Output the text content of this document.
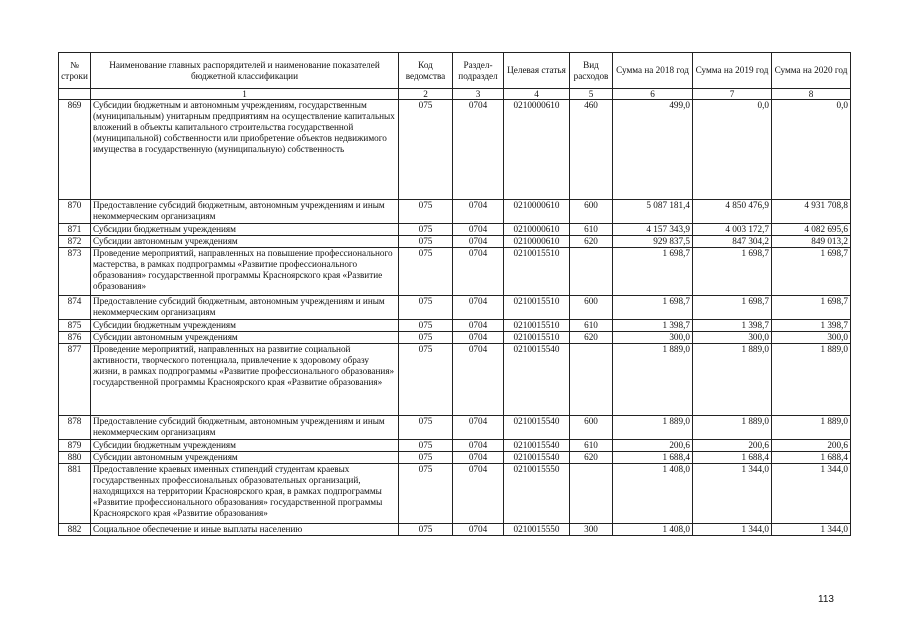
№ строки	Наименование главных распорядителей и наименование показателей бюджетной классификации	Код ведомства	Раздел-подраздел	Целевая статья	Вид расходов	Сумма на 2018 год	Сумма на 2019 год	Сумма на 2020 год
	1	2	3	4	5	6	7	8
869	Субсидии бюджетным и автономным учреждениям, государственным (муниципальным) унитарным предприятиям на осуществление капитальных вложений в объекты капитального строительства государственной (муниципальной) собственности или приобретение объектов недвижимого имущества в государственную (муниципальную) собственность	075	0704	0210000610	460	499,0	0,0	0,0
870	Предоставление субсидий бюджетным, автономным учреждениям и иным некоммерческим организациям	075	0704	0210000610	600	5 087 181,4	4 850 476,9	4 931 708,8
871	Субсидии бюджетным учреждениям	075	0704	0210000610	610	4 157 343,9	4 003 172,7	4 082 695,6
872	Субсидии автономным учреждениям	075	0704	0210000610	620	929 837,5	847 304,2	849 013,2
873	Проведение мероприятий, направленных на повышение профессионального мастерства, в рамках подпрограммы «Развитие профессионального образования» государственной программы Красноярского края «Развитие образования»	075	0704	0210015510		1 698,7	1 698,7	1 698,7
874	Предоставление субсидий бюджетным, автономным учреждениям и иным некоммерческим организациям	075	0704	0210015510	600	1 698,7	1 698,7	1 698,7
875	Субсидии бюджетным учреждениям	075	0704	0210015510	610	1 398,7	1 398,7	1 398,7
876	Субсидии автономным учреждениям	075	0704	0210015510	620	300,0	300,0	300,0
877	Проведение мероприятий, направленных на развитие социальной активности, творческого потенциала, привлечение к здоровому образу жизни, в рамках подпрограммы «Развитие профессионального образования» государственной программы Красноярского края «Развитие образования»	075	0704	0210015540		1 889,0	1 889,0	1 889,0
878	Предоставление субсидий бюджетным, автономным учреждениям и иным некоммерческим организациям	075	0704	0210015540	600	1 889,0	1 889,0	1 889,0
879	Субсидии бюджетным учреждениям	075	0704	0210015540	610	200,6	200,6	200,6
880	Субсидии автономным учреждениям	075	0704	0210015540	620	1 688,4	1 688,4	1 688,4
881	Предоставление краевых именных стипендий студентам краевых государственных профессиональных образовательных организаций, находящихся на территории Красноярского края, в рамках подпрограммы «Развитие профессионального образования» государственной программы Красноярского края «Развитие образования»	075	0704	0210015550		1 408,0	1 344,0	1 344,0
882	Социальное обеспечение и иные выплаты населению	075	0704	0210015550	300	1 408,0	1 344,0	1 344,0
113
